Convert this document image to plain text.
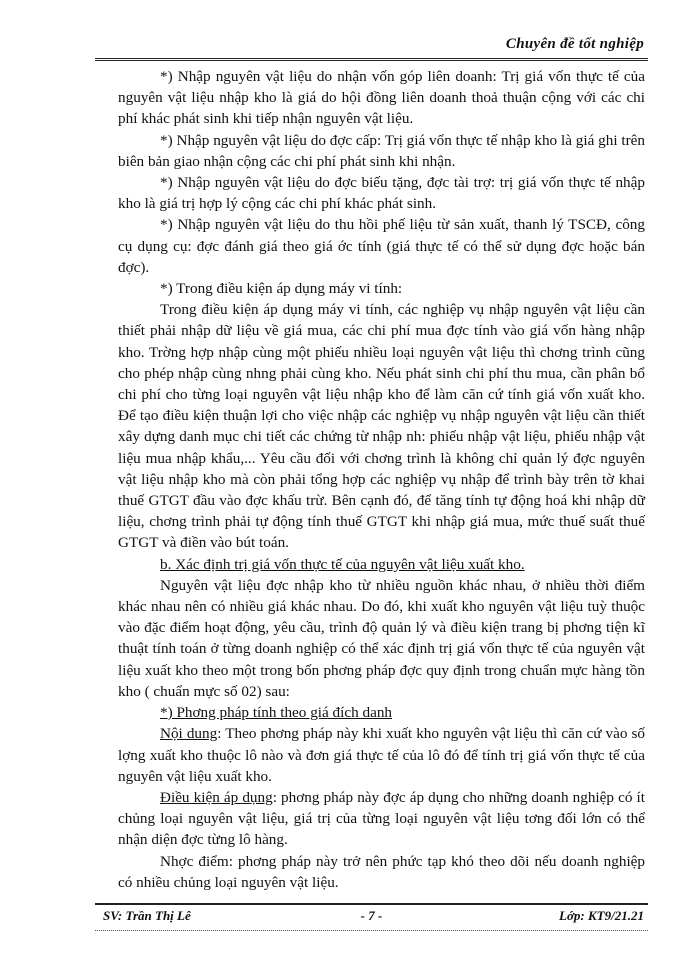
Chuyên đề tốt nghiệp

*) Nhập nguyên vật liệu do nhận vốn góp liên doanh: Trị giá vốn thực tế của nguyên vật liệu nhập kho là giá do hội đồng liên doanh thoả thuận cộng với các chi phí khác phát sinh khi tiếp nhận nguyên vật liệu.

*) Nhập nguyên vật liệu do đợc cấp: Trị giá vốn thực tế nhập kho là giá ghi trên biên bản giao nhận cộng các chi phí phát sinh khi nhận.

*) Nhập nguyên vật liệu do đợc biếu tặng, đợc tài trợ: trị giá vốn thực tế nhập kho là giá trị hợp lý cộng các chi phí khác phát sinh.

*) Nhập nguyên vật liệu do thu hồi phế liệu từ sản xuất, thanh lý TSCĐ, công cụ dụng cụ: đợc đánh giá theo giá ớc tính (giá thực tế có thể sử dụng đợc hoặc bán đợc).

*) Trong điều kiện áp dụng máy vi tính:

Trong điều kiện áp dụng máy vi tính, các nghiệp vụ nhập nguyên vật liệu cần thiết phải nhập dữ liệu về giá mua, các chi phí mua đợc tính vào giá vốn hàng nhập kho. Trờng hợp nhập cùng một phiếu nhiều loại nguyên vật liệu thì chơng trình cũng cho phép nhập cùng nhng phải cùng kho. Nếu phát sinh chi phí thu mua, cần phân bổ chi phí cho từng loại nguyên vật liệu nhập kho để làm căn cứ tính giá vốn xuất kho. Để tạo điều kiện thuận lợi cho việc nhập các nghiệp vụ nhập nguyên vật liệu cần thiết xây dựng danh mục chi tiết các chứng từ nhập nh: phiếu nhập vật liệu, phiếu nhập vật liệu mua nhập khẩu,... Yêu cầu đối với chơng trình là không chỉ quản lý đợc nguyên vật liệu nhập kho mà còn phải tổng hợp các nghiệp vụ nhập để trình bày trên tờ khai thuế GTGT đầu vào đợc khấu trừ. Bên cạnh đó, để tăng tính tự động hoá khi nhập dữ liệu, chơng trình phải tự động tính thuế GTGT khi nhập giá mua, mức thuế suất thuế GTGT và điền vào bút toán.

b. Xác định trị giá vốn thực tế của nguyên vật liệu xuất kho.

Nguyên vật liệu đợc nhập kho từ nhiều nguồn khác nhau, ở nhiều thời điểm khác nhau nên có nhiều giá khác nhau. Do đó, khi xuất kho nguyên vật liệu tuỳ thuộc vào đặc điểm hoạt động, yêu cầu, trình độ quản lý và điều kiện trang bị phơng tiện kĩ thuật tính toán ở từng doanh nghiệp có thể xác định trị giá vốn thực tế của nguyên vật liệu xuất kho theo một trong bốn phơng pháp đợc quy định trong chuẩn mực hàng tồn kho ( chuẩn mực số 02) sau:

*) Phơng pháp tính theo giá đích danh

Nội dung: Theo phơng pháp này khi xuất kho nguyên vật liệu thì căn cứ vào số lợng xuất kho thuộc lô nào và đơn giá thực tế của lô đó để tính trị giá vốn thực tế của nguyên vật liệu xuất kho.

Điều kiện áp dụng: phơng pháp này đợc áp dụng cho những doanh nghiệp có ít chủng loại nguyên vật liệu, giá trị của từng loại nguyên vật liệu tơng đối lớn có thể nhận diện đợc từng lô hàng.

Nhợc điểm: phơng pháp này trở nên phức tạp khó theo dõi nếu doanh nghiệp có nhiều chủng loại nguyên vật liệu.

SV: Trần Thị Lê	- 7 -	Lớp: KT9/21.21
